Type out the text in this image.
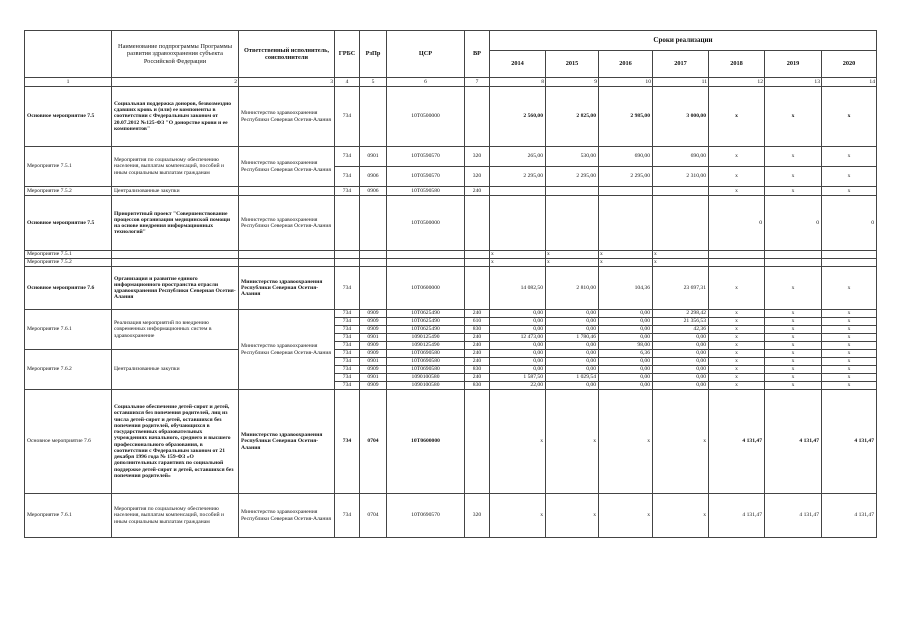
	Наименование подпрограммы Программы развития здравоохранения субъекта Российской Федерации	Ответственный исполнитель, соисполнители	ГРБС	РзПр	ЦСР	ВР	Сроки реализации						
							2014	2015	2016	2017	2018	2019	2020
1	2	3	4	5	6	7	8	9	10	11	12	13	14
Основное мероприятие 7.5	Социальная поддержка доноров, безвозмездно сдавших кровь и (или) ее компоненты в соответствии с Федеральным законом от 20.07.2012 №125-ФЗ "О донорстве крови и ее компонентов"	Министерство здравоохранения Республики Северная Осетия-Алания	734		10Т0500000		2 560,00	2 825,00	2 985,00	3 000,00	x	x	x
Мероприятие 7.5.1	Мероприятия по социальному обеспечению населения, выплатам компенсаций, пособий и иным социальным выплатам гражданам	Министерство здравоохранения Республики Северная Осетия-Алания	734	0901	10Т0590570	320	265,00	530,00	690,00	690,00	x	x	x
			734	0906	10Т0590570	320	2 295,00	2 295,00	2 295,00	2 310,00	x	x	x
Мероприятие 7.5.2	Централизованные закупки		734	0906	10Т0590580	240					x	x	x
Основное мероприятие 7.5	Приоритетный проект "Совершенствование процессов организации медицинской помощи на основе внедрения информационных технологий"	Министерство здравоохранения Республики Северная Осетия-Алания			10Т0500000						0	0	0
Мероприятие 7.5.1							x	x	x	x			
Мероприятие 7.5.2							x	x	x	x			
Основное мероприятие 7.6	Организация и развитие единого информационного пространства отрасли здравоохранения Республики Северная Осетия-Алания	Министерство здравоохранения Республики Северная Осетия-Алания	734		10Т0600000		14 082,50	2 810,00	104,36	23 697,31	x	x	x
Мероприятие 7.6.1	Реализация мероприятий по внедрению современных информационных систем в здравоохранение	Министерство здравоохранения Республики Северная Осетия-Алания	734	0909	10Т0625490	240	0,00	0,00	0,00	2 298,42	x	x	x
			734	0909	10Т0625490	610	0,00	0,00	0,00	21 356,53	x	x	x
			734	0909	10Т0625490	830	0,00	0,00	0,00	42,36	x	x	x
			734	0901	1090125490	240	12 473,00	1 780,46	0,00	0,00	x	x	x
			734	0909	1090125490	240	0,00	0,00	98,00	0,00	x	x	x
Мероприятие 7.6.2	Централизованные закупки		734	0909	10Т0690580	240	0,00	0,00	6,36	0,00	x	x	x
			734	0901	10Т0690580	240	0,00	0,00	0,00	0,00	x	x	x
			734	0909	10Т0690580	830	0,00	0,00	0,00	0,00	x	x	x
			734	0901	1090100580	240	1 587,50	1 029,54	0,00	0,00	x	x	x
			734	0909	1090100580	830	22,00	0,00	0,00	0,00	x	x	x
Основное мероприятие 7.6	Социальное обеспечение детей-сирот и детей, оставшихся без попечения родителей, лиц из числа детей-сирот и детей, оставшихся без попечения родителей, обучающихся в государственных образовательных учреждениях начального, среднего и высшего профессионального образования, в соответствии с Федеральным законом от 21 декабря 1996 года № 159-ФЗ «О дополнительных гарантиях по социальной поддержке детей-сирот и детей, оставшихся без попечения родителей»	Министерство здравоохранения Республики Северная Осетия-Алания	734	0704	10Т0600000		x	x	x	x	4 131,47	4 131,47	4 131,47
Мероприятие 7.6.1	Мероприятия по социальному обеспечению населения, выплатам компенсаций, пособий и иным социальным выплатам гражданам	Министерство здравоохранения Республики Северная Осетия-Алания	734	0704	10Т0690570	320	x	x	x	x	4 131,47	4 131,47	4 131,47
